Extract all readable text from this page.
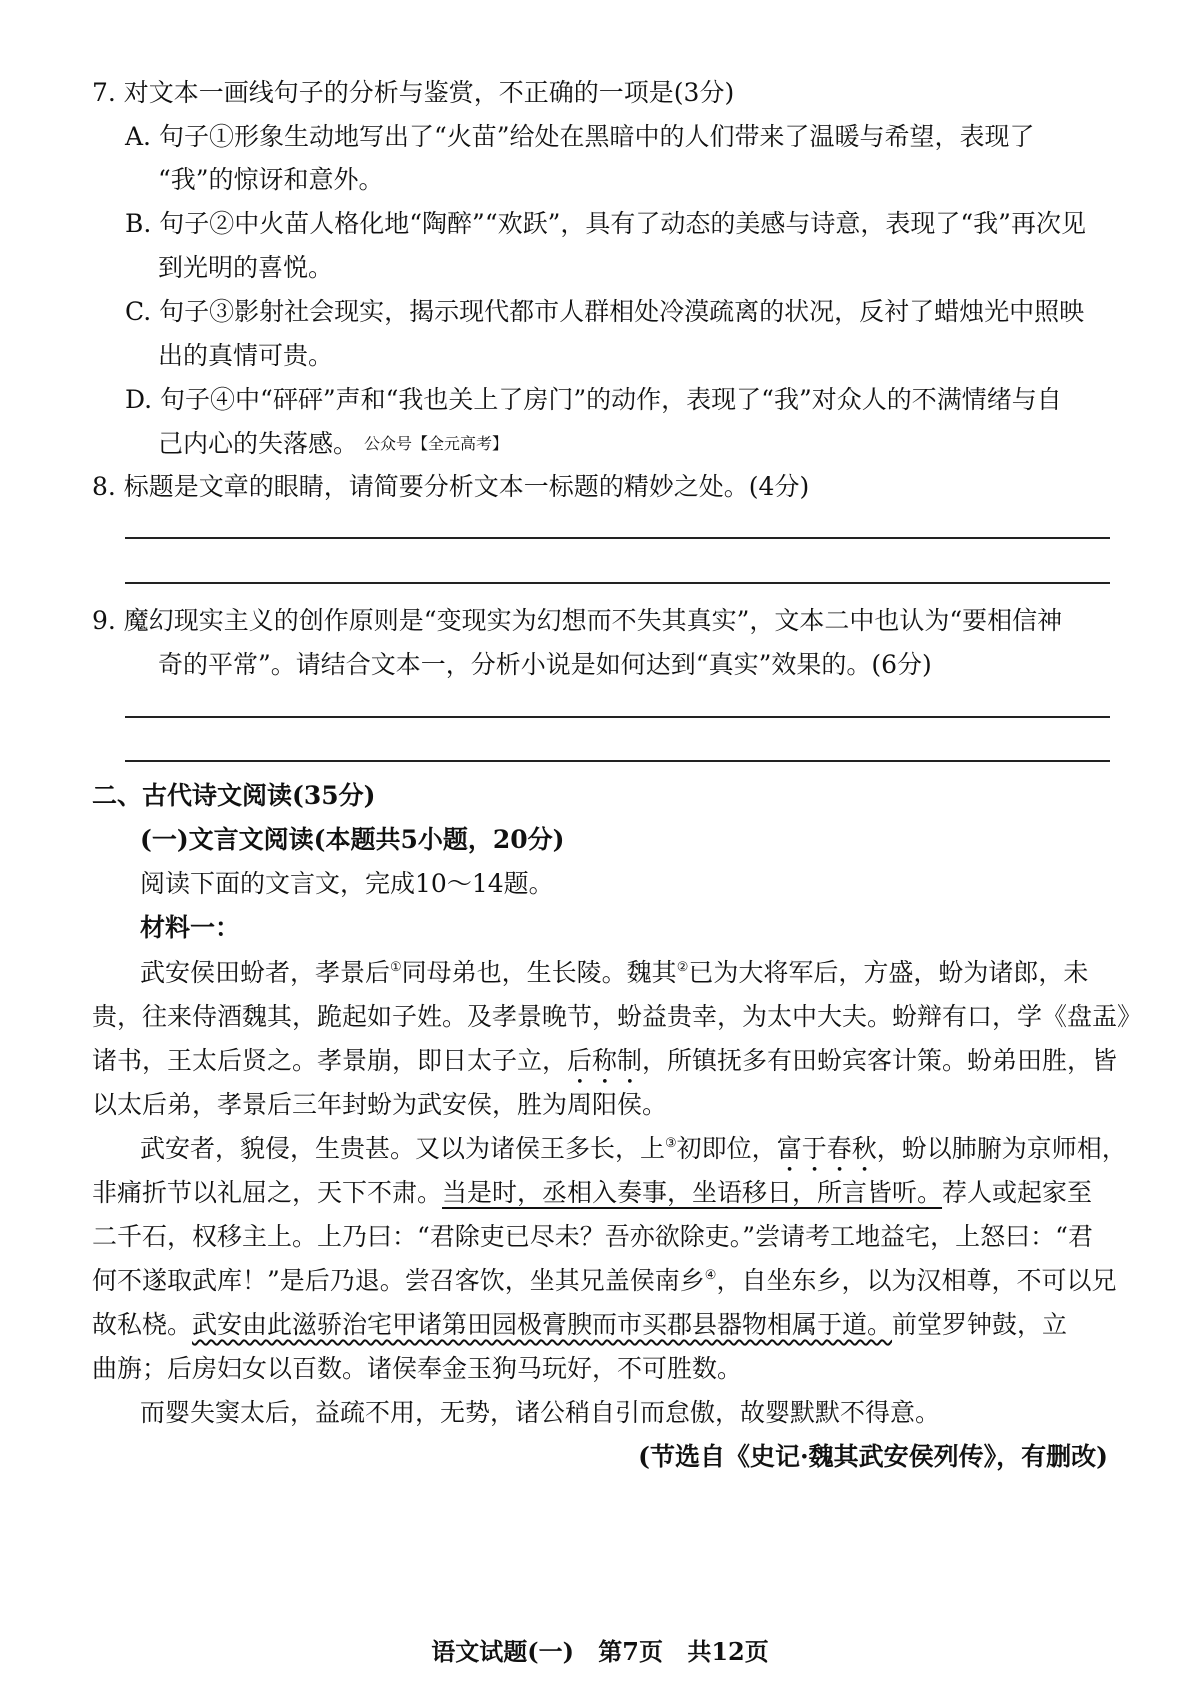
7. 对文本一画线句子的分析与鉴赏，不正确的一项是(3分)
A. 句子①形象生动地写出了“火苗”给处在黑暗中的人们带来了温暖与希望，表现了
“我”的惊讶和意外。
B. 句子②中火苗人格化地“陶醉”“欢跃”，具有了动态的美感与诗意，表现了“我”再次见
到光明的喜悦。
C. 句子③影射社会现实，揭示现代都市人群相处冷漠疏离的状况，反衬了蜡烛光中照映
出的真情可贵。
D. 句子④中“砰砰”声和“我也关上了房门”的动作，表现了“我”对众人的不满情绪与自
己内心的失落感。 公众号【全元高考】
8. 标题是文章的眼睛，请简要分析文本一标题的精妙之处。(4分)
9. 魔幻现实主义的创作原则是“变现实为幻想而不失其真实”，文本二中也认为“要相信神
奇的平常”。请结合文本一，分析小说是如何达到“真实”效果的。(6分)
二、古代诗文阅读(35分)
(一)文言文阅读(本题共5小题，20分)
阅读下面的文言文，完成10～14题。
材料一：
武安侯田蚡者，孝景后①同母弟也，生长陵。魏其②已为大将军后，方盛，蚡为诸郎，未
贵，往来侍酒魏其，跪起如子姓。及孝景晚节，蚡益贵幸，为太中大夫。蚡辩有口，学《盘盂》
诸书，王太后贤之。孝景崩，即日太子立，后称制，所镇抚多有田蚡宾客计策。蚡弟田胜，皆
以太后弟，孝景后三年封蚡为武安侯，胜为周阳侯。
武安者，貌侵，生贵甚。又以为诸侯王多长，上③初即位，富于春秋，蚡以肺腑为京师相，
非痛折节以礼屈之，天下不肃。当是时，丞相入奏事，坐语移日，所言皆听。荐人或起家至
二千石，权移主上。上乃曰：“君除吏已尽未？吾亦欲除吏。”尝请考工地益宅，上怒曰：“君
何不遂取武库！”是后乃退。尝召客饮，坐其兄盖侯南乡④，自坐东乡，以为汉相尊，不可以兄
故私桡。武安由此滋骄治宅甲诸第田园极膏腴而市买郡县器物相属于道。前堂罗钟鼓，立
曲旃；后房妇女以百数。诸侯奉金玉狗马玩好，不可胜数。
而婴失窦太后，益疏不用，无势，诸公稍自引而怠傲，故婴默默不得意。
(节选自《史记·魏其武安侯列传》，有删改)
语文试题(一) 第7页 共12页
